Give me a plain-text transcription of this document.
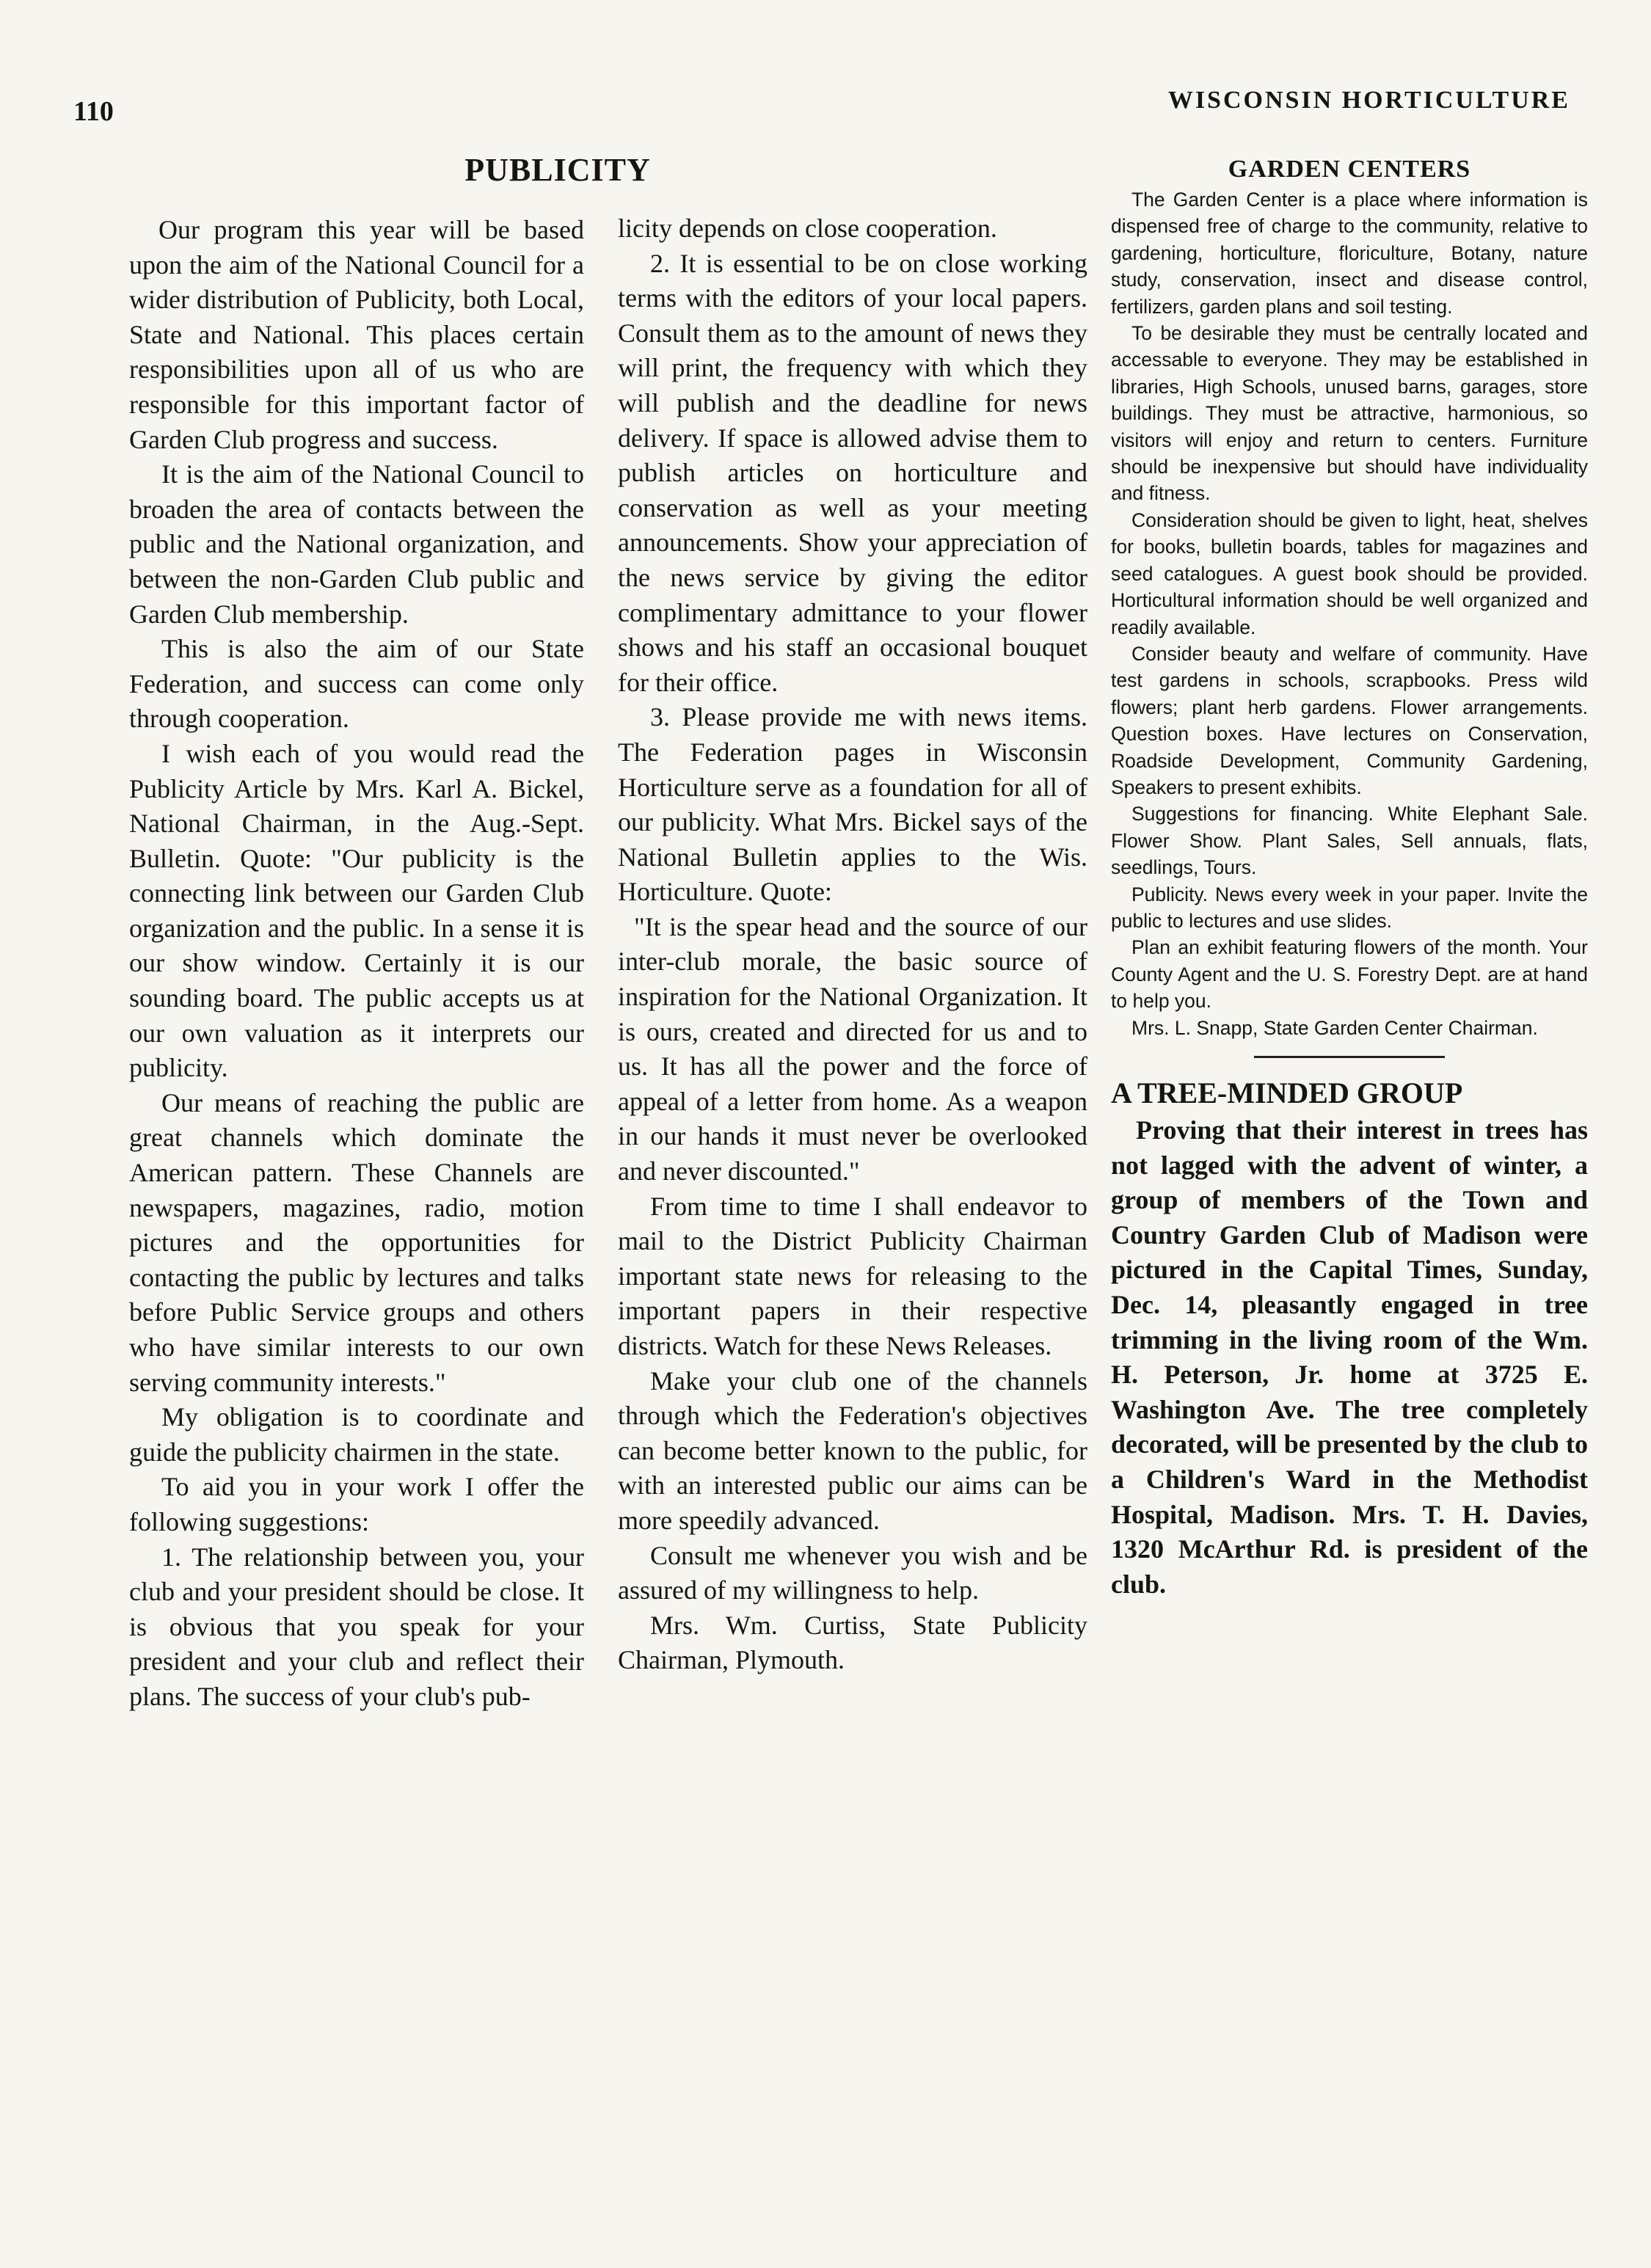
110	WISCONSIN HORTICULTURE
PUBLICITY

Our program this year will be based upon the aim of the National Council for a wider distribution of Publicity, both Local, State and National. This places certain responsibilities upon all of us who are responsible for this important factor of Garden Club progress and success.

It is the aim of the National Council to broaden the area of contacts between the public and the National organization, and between the non-Garden Club public and Garden Club membership.

This is also the aim of our State Federation, and success can come only through cooperation.

I wish each of you would read the Publicity Article by Mrs. Karl A. Bickel, National Chairman, in the Aug.-Sept. Bulletin. Quote: "Our publicity is the connecting link between our Garden Club organization and the public. In a sense it is our show window. Certainly it is our sounding board. The public accepts us at our own valuation as it interprets our publicity.

Our means of reaching the public are great channels which dominate the American pattern. These Channels are newspapers, magazines, radio, motion pictures and the opportunities for contacting the public by lectures and talks before Public Service groups and others who have similar interests to our own serving community interests."

My obligation is to coordinate and guide the publicity chairmen in the state.

To aid you in your work I offer the following suggestions:

1. The relationship between you, your club and your president should be close. It is obvious that you speak for your president and your club and reflect their plans. The success of your club's pub-

licity depends on close cooperation.

2. It is essential to be on close working terms with the editors of your local papers. Consult them as to the amount of news they will print, the frequency with which they will publish and the deadline for news delivery. If space is allowed advise them to publish articles on horticulture and conservation as well as your meeting announcements. Show your appreciation of the news service by giving the editor complimentary admittance to your flower shows and his staff an occasional bouquet for their office.

3. Please provide me with news items. The Federation pages in Wisconsin Horticulture serve as a foundation for all of our publicity. What Mrs. Bickel says of the National Bulletin applies to the Wis. Horticulture. Quote:

"It is the spear head and the source of our inter-club morale, the basic source of inspiration for the National Organization. It is ours, created and directed for us and to us. It has all the power and the force of appeal of a letter from home. As a weapon in our hands it must never be overlooked and never discounted."

From time to time I shall endeavor to mail to the District Publicity Chairman important state news for releasing to the important papers in their respective districts. Watch for these News Releases.

Make your club one of the channels through which the Federation's objectives can become better known to the public, for with an interested public our aims can be more speedily advanced.

Consult me whenever you wish and be assured of my willingness to help.

Mrs. Wm. Curtiss, State Publicity Chairman, Plymouth.

GARDEN CENTERS

The Garden Center is a place where information is dispensed free of charge to the community, relative to gardening, horticulture, floriculture, Botany, nature study, conservation, insect and disease control, fertilizers, garden plans and soil testing.

To be desirable they must be centrally located and accessable to everyone. They may be established in libraries, High Schools, unused barns, garages, store buildings. They must be attractive, harmonious, so visitors will enjoy and return to centers. Furniture should be inexpensive but should have individuality and fitness.

Consideration should be given to light, heat, shelves for books, bulletin boards, tables for magazines and seed catalogues. A guest book should be provided. Horticultural information should be well organized and readily available.

Consider beauty and welfare of community. Have test gardens in schools, scrapbooks. Press wild flowers; plant herb gardens. Flower arrangements. Question boxes. Have lectures on Conservation, Roadside Development, Community Gardening, Speakers to present exhibits.

Suggestions for financing. White Elephant Sale. Flower Show. Plant Sales, Sell annuals, flats, seedlings, Tours.

Publicity. News every week in your paper. Invite the public to lectures and use slides.

Plan an exhibit featuring flowers of the month. Your County Agent and the U. S. Forestry Dept. are at hand to help you.

Mrs. L. Snapp, State Garden Center Chairman.

A TREE-MINDED GROUP

Proving that their interest in trees has not lagged with the advent of winter, a group of members of the Town and Country Garden Club of Madison were pictured in the Capital Times, Sunday, Dec. 14, pleasantly engaged in tree trimming in the living room of the Wm. H. Peterson, Jr. home at 3725 E. Washington Ave. The tree completely decorated, will be presented by the club to a Children's Ward in the Methodist Hospital, Madison. Mrs. T. H. Davies, 1320 McArthur Rd. is president of the club.
